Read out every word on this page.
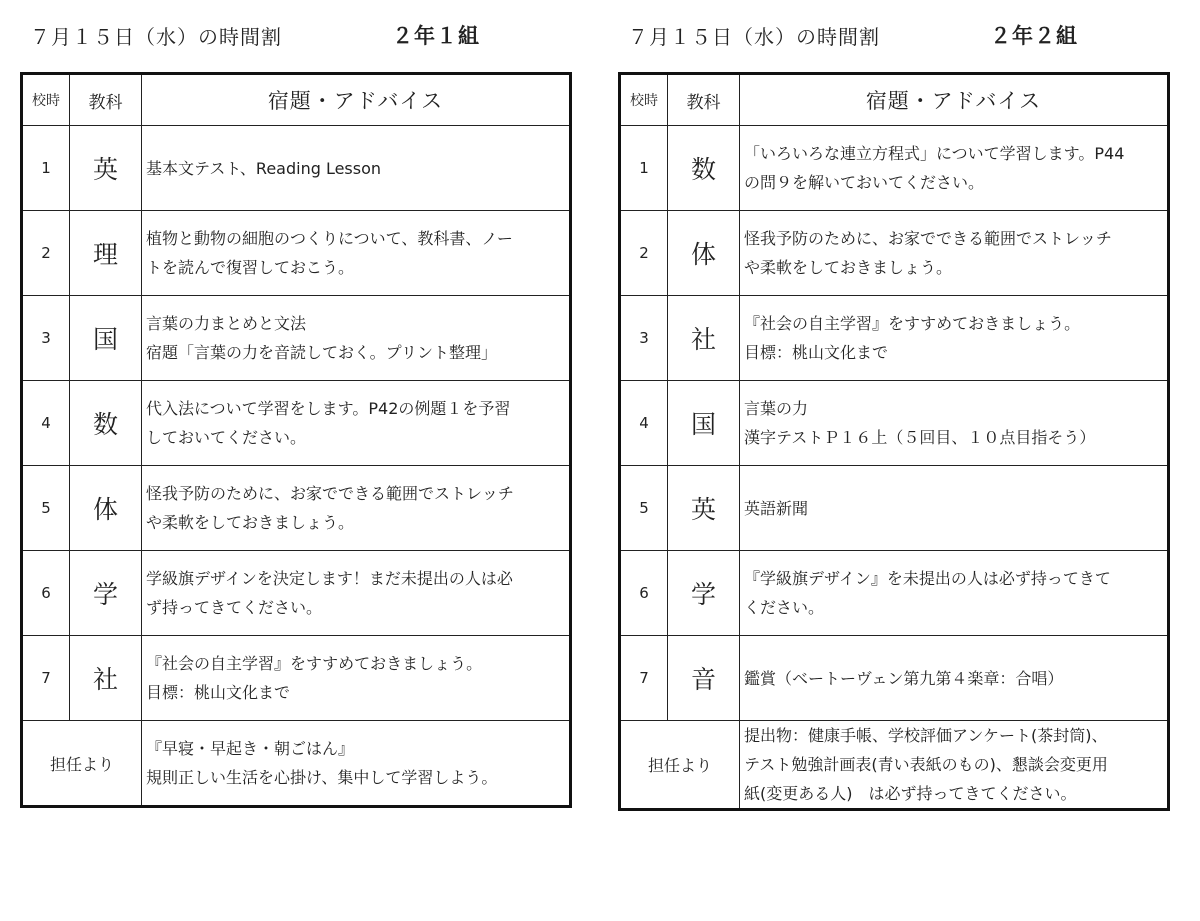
７月１５日（水）の時間割	２年１組
校時	教科	宿題・アドバイス
1	英	基本文テスト、Reading Lesson
2	理	植物と動物の細胞のつくりについて、教科書、ノー
トを読んで復習しておこう。
3	国	言葉の力まとめと文法
宿題「言葉の力を音読しておく。プリント整理」
4	数	代入法について学習をします。P42の例題１を予習
しておいてください。
5	体	怪我予防のために、お家でできる範囲でストレッチ
や柔軟をしておきましょう。
6	学	学級旗デザインを決定します！まだ未提出の人は必
ず持ってきてください。
7	社	『社会の自主学習』をすすめておきましょう。
目標：桃山文化まで
担任より		『早寝・早起き・朝ごはん』
規則正しい生活を心掛け、集中して学習しよう。
７月１５日（水）の時間割	２年２組
校時	教科	宿題・アドバイス
1	数	「いろいろな連立方程式」について学習します。P44
の問９を解いておいてください。
2	体	怪我予防のために、お家でできる範囲でストレッチ
や柔軟をしておきましょう。
3	社	『社会の自主学習』をすすめておきましょう。
目標：桃山文化まで
4	国	言葉の力
漢字テストＰ１６上（５回目、１０点目指そう）
5	英	英語新聞
6	学	『学級旗デザイン』を未提出の人は必ず持ってきて
ください。
7	音	鑑賞（ベートーヴェン第九第４楽章：合唱）
担任より		提出物：健康手帳、学校評価アンケート(茶封筒)、
テスト勉強計画表(青い表紙のもの)、懇談会変更用
紙(変更ある人)　は必ず持ってきてください。
